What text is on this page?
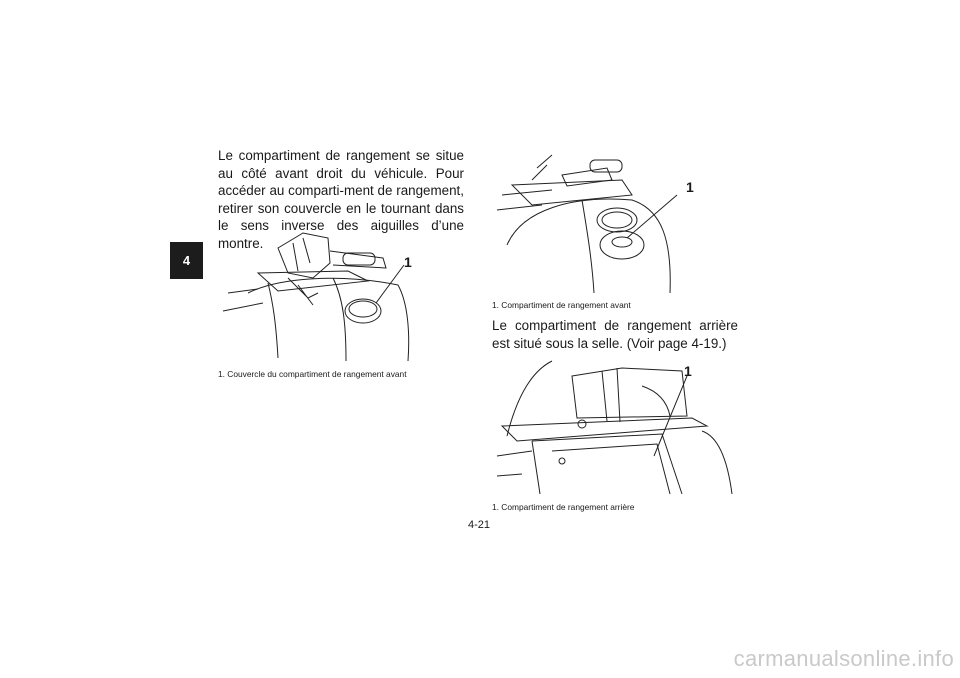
4

Le compartiment de rangement se situe au côté avant droit du véhicule. Pour accéder au comparti-ment de rangement, retirer son couvercle en le tournant dans le sens inverse des aiguilles d’une montre.

1

1. Couvercle du compartiment de rangement avant

1

1. Compartiment de rangement avant

Le compartiment de rangement arrière est situé sous la selle. (Voir page 4-19.)

1

1. Compartiment de rangement arrière

4-21
carmanualsonline.info
